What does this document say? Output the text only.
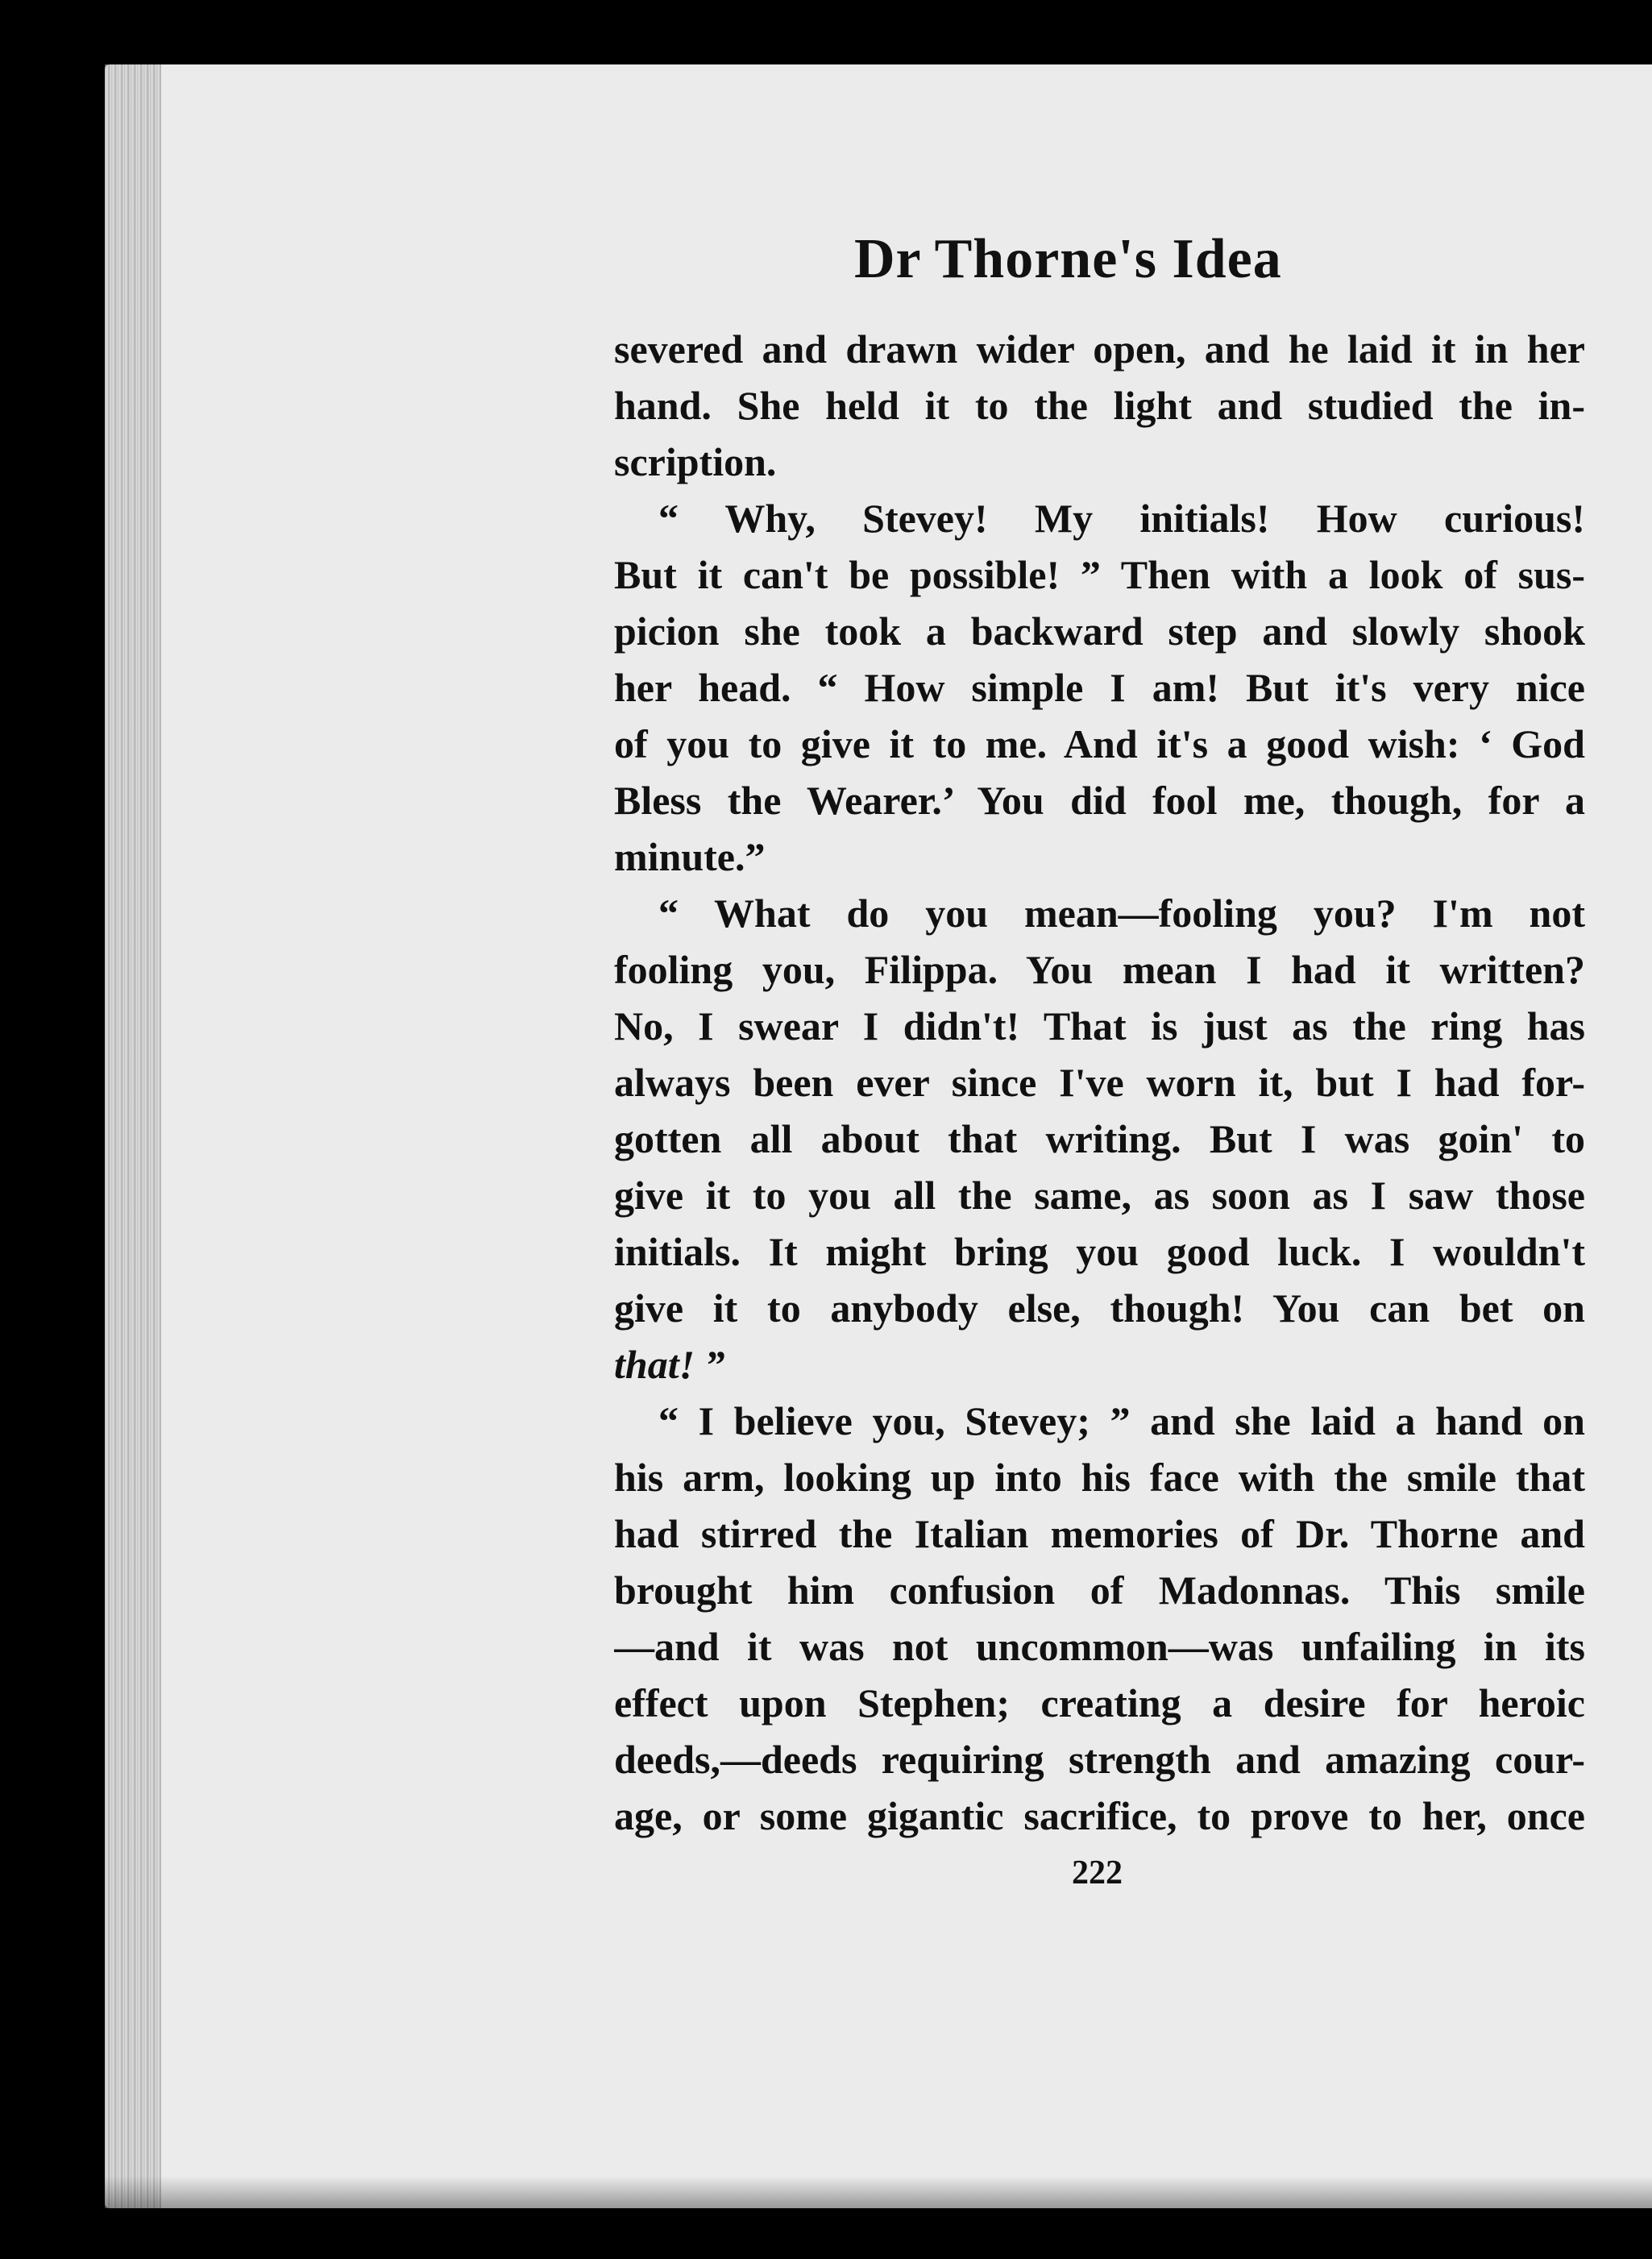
Dr Thorne's Idea
severed and drawn wider open, and he laid it in her
hand. She held it to the light and studied the in-
scription.
“ Why, Stevey! My initials! How curious!
But it can't be possible! ” Then with a look of sus-
picion she took a backward step and slowly shook
her head. “ How simple I am! But it's very nice
of you to give it to me. And it's a good wish: ‘ God
Bless the Wearer.’ You did fool me, though, for a
minute.”
“ What do you mean—fooling you? I'm not
fooling you, Filippa. You mean I had it written?
No, I swear I didn't! That is just as the ring has
always been ever since I've worn it, but I had for-
gotten all about that writing. But I was goin' to
give it to you all the same, as soon as I saw those
initials. It might bring you good luck. I wouldn't
give it to anybody else, though! You can bet on
that! ”
“ I believe you, Stevey; ” and she laid a hand on
his arm, looking up into his face with the smile that
had stirred the Italian memories of Dr. Thorne and
brought him confusion of Madonnas. This smile
—and it was not uncommon—was unfailing in its
effect upon Stephen; creating a desire for heroic
deeds,—deeds requiring strength and amazing cour-
age, or some gigantic sacrifice, to prove to her, once
222
